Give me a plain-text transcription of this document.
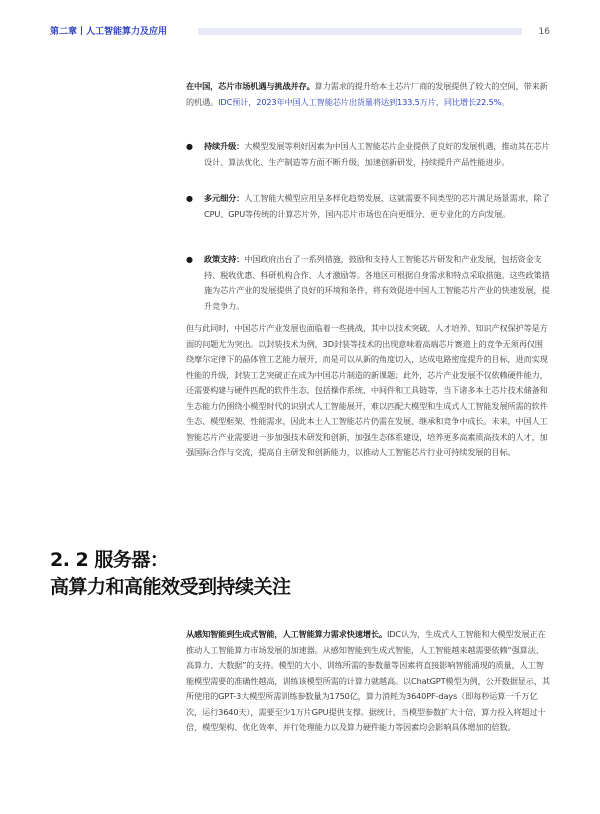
第二章丨人工智能算力及应用	16
在中国，芯片市场机遇与挑战并存。算力需求的提升给本土芯片厂商的发展提供了较大的空间，带来新的机遇。IDC预计，2023年中国人工智能芯片出货量将达到133.5万片，同比增长22.5%。
● 持续升级：大模型发展等利好因素为中国人工智能芯片企业提供了良好的发展机遇，推动其在芯片设计、算法优化、生产制造等方面不断升级，加速创新研发，持续提升产品性能进步。
● 多元细分：人工智能大模型应用呈多样化趋势发展，这就需要不同类型的芯片满足场景需求，除了CPU、GPU等传统的计算芯片外，国内芯片市场也在向更细分、更专业化的方向发展。
● 政策支持：中国政府出台了一系列措施，鼓励和支持人工智能芯片研发和产业发展，包括资金支持、税收优惠、科研机构合作、人才激励等。各地区可根据自身需求和特点采取措施。这些政策措施为芯片产业的发展提供了良好的环境和条件，将有效促进中国人工智能芯片产业的快速发展，提升竞争力。
但与此同时，中国芯片产业发展也面临着一些挑战，其中以技术突破、人才培养、知识产权保护等是方面的问题尤为突出。以封装技术为例，3D封装等技术的出现意味着高端芯片赛道上的竞争无须再仅围绕摩尔定律下的晶体管工艺能力展开，而是可以从新的角度切入，达成电路密度提升的目标，进而实现性能的升级，封装工艺突破正在成为中国芯片制造的新课题；此外，芯片产业发展不仅依赖硬件能力，还需要构建与硬件匹配的软件生态，包括操作系统、中间件和工具链等，当下诸多本土芯片技术储备和生态能力仍围绕小模型时代的识别式人工智能展开，难以匹配大模型和生成式人工智能发展所需的软件生态、模型框架、性能需求，因此本土人工智能芯片仍需在发展、继承和竞争中成长。未来，中国人工智能芯片产业需要进一步加强技术研发和创新，加强生态体系建设，培养更多高素质高技术的人才，加强国际合作与交流，提高自主研发和创新能力，以推动人工智能芯片行业可持续发展的目标。
2. 2 服务器：
高算力和高能效受到持续关注
从感知智能到生成式智能，人工智能算力需求快速增长。IDC认为，生成式人工智能和大模型发展正在推动人工智能算力市场发展的加速器。从感知智能到生成式智能，人工智能越来越需要依赖“强算法、高算力、大数据”的支持。模型的大小、训练所需的参数量等因素将直接影响智能涌现的质量，人工智能模型需要的准确性越高，训练该模型所需的计算力就越高。以ChatGPT模型为例，公开数据显示，其所使用的GPT-3大模型所需训练参数量为1750亿，算力消耗为3640PF-days（即每秒运算一千万亿次，运行3640天），需要至少1万片GPU提供支撑。据统计，当模型参数扩大十倍，算力投入将超过十倍，模型架构、优化效率、并行处理能力以及算力硬件能力等因素均会影响具体增加的倍数。
